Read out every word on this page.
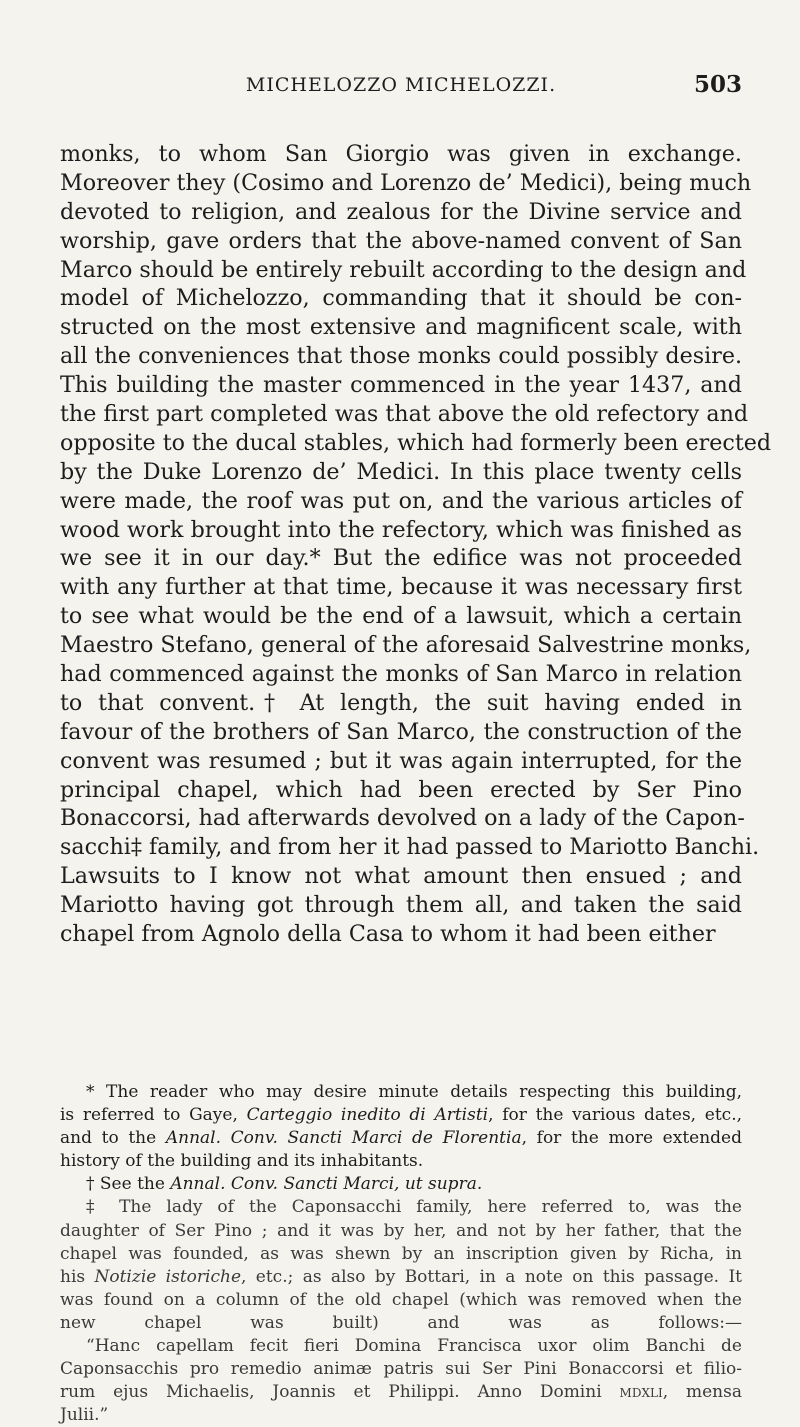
MICHELOZZO MICHELOZZI.	503
monks, to whom San Giorgio was given in exchange.
Moreover they (Cosimo and Lorenzo de’ Medici), being much
devoted to religion, and zealous for the Divine service and
worship, gave orders that the above-named convent of San
Marco should be entirely rebuilt according to the design and
model of Michelozzo, commanding that it should be con-
structed on the most extensive and magnificent scale, with
all the conveniences that those monks could possibly desire.
This building the master commenced in the year 1437, and
the first part completed was that above the old refectory and
opposite to the ducal stables, which had formerly been erected
by the Duke Lorenzo de’ Medici. In this place twenty cells
were made, the roof was put on, and the various articles of
wood work brought into the refectory, which was finished as
we see it in our day.* But the edifice was not proceeded
with any further at that time, because it was necessary first
to see what would be the end of a lawsuit, which a certain
Maestro Stefano, general of the aforesaid Salvestrine monks,
had commenced against the monks of San Marco in relation
to that convent.† At length, the suit having ended in
favour of the brothers of San Marco, the construction of the
convent was resumed ; but it was again interrupted, for the
principal chapel, which had been erected by Ser Pino
Bonaccorsi, had afterwards devolved on a lady of the Capon-
sacchi‡ family, and from her it had passed to Mariotto Banchi.
Lawsuits to I know not what amount then ensued ; and
Mariotto having got through them all, and taken the said
chapel from Agnolo della Casa to whom it had been either
* The reader who may desire minute details respecting this building,
is referred to Gaye, Carteggio inedito di Artisti, for the various dates, etc.,
and to the Annal. Conv. Sancti Marci de Florentia, for the more extended
history of the building and its inhabitants.
† See the Annal. Conv. Sancti Marci, ut supra.
‡ The lady of the Caponsacchi family, here referred to, was the
daughter of Ser Pino ; and it was by her, and not by her father, that the
chapel was founded, as was shewn by an inscription given by Richa, in
his Notizie istoriche, etc.; as also by Bottari, in a note on this passage. It
was found on a column of the old chapel (which was removed when the
new chapel was built) and was as follows:—
“Hanc capellam fecit fieri Domina Francisca uxor olim Banchi de
Caponsacchis pro remedio animæ patris sui Ser Pini Bonaccorsi et filio-
rum ejus Michaelis, Joannis et Philippi. Anno Domini mdxli, mensa
Julii.”
